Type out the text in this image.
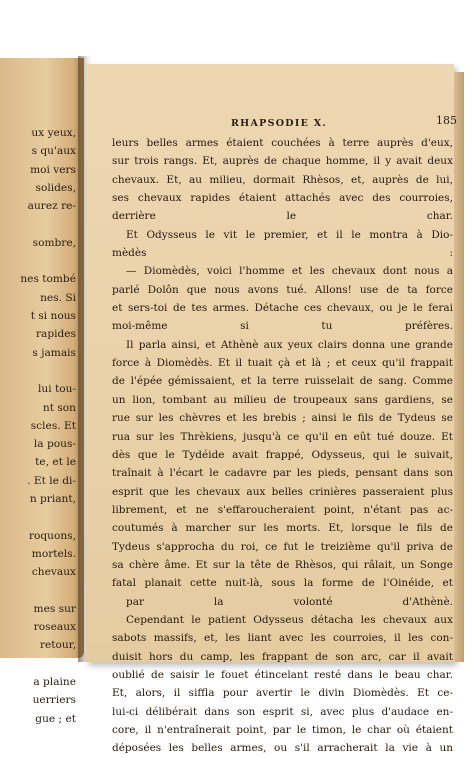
ux yeux,
s qu'aux
moi vers
solides,
aurez re-
sombre,
nes tombé
nes. Si
t si nous
rapides
s jamais
lui tou-
nt son
scles. Et
la pous-
te, et le
. Et le di-
n priant,
roquons,
mortels.
chevaux
mes sur
roseaux
retour,
a plaine
uerriers
gue ; et
RHAPSODIE X.	185

leurs belles armes étaient couchées à terre auprès d'eux,
sur trois rangs. Et, auprès de chaque homme, il y avait deux
chevaux. Et, au milieu, dormait Rhèsos, et, auprès de lui,
ses chevaux rapides étaient attachés avec des courroies,
derrière le char.

Et Odysseus le vit le premier, et il le montra à Dio-

mèdès :

— Diomèdès, voici l'homme et les chevaux dont nous a

parlé Dolôn que nous avons tué. Allons! use de ta force
et sers-toi de tes armes. Détache ces chevaux, ou je le ferai
moi-même si tu préfères.

Il parla ainsi, et Athènè aux yeux clairs donna une grande

force à Diomèdès. Et il tuait çà et là ; et ceux qu'il frappait
de l'épée gémissaient, et la terre ruisselait de sang. Comme
un lion, tombant au milieu de troupeaux sans gardiens, se
rue sur les chèvres et les brebis ; ainsi le fils de Tydeus se
rua sur les Thrèkiens, jusqu'à ce qu'il en eût tué douze. Et
dès que le Tydéide avait frappé, Odysseus, qui le suivait,
traînait à l'écart le cadavre par les pieds, pensant dans son
esprit que les chevaux aux belles crinières passeraient plus
librement, et ne s'effaroucheraient point, n'étant pas ac-
coutumés à marcher sur les morts. Et, lorsque le fils de
Tydeus s'approcha du roi, ce fut le treizième qu'il priva de
sa chère âme. Et sur la tête de Rhèsos, qui râlait, un Songe
fatal planait cette nuit-là, sous la forme de l'Oinéide, et

par la volonté d'Athènè.
Cependant le patient Odysseus détacha les chevaux aux

sabots massifs, et, les liant avec les courroies, il les con-
duisit hors du camp, les frappant de son arc, car il avait
oublié de saisir le fouet étincelant resté dans le beau char.
Et, alors, il siffla pour avertir le divin Diomèdès. Et ce-
lui-ci délibérait dans son esprit si, avec plus d'audace en-
core, il n'entraînerait point, par le timon, le char où étaient
déposées les belles armes, ou s'il arracherait la vie à un
